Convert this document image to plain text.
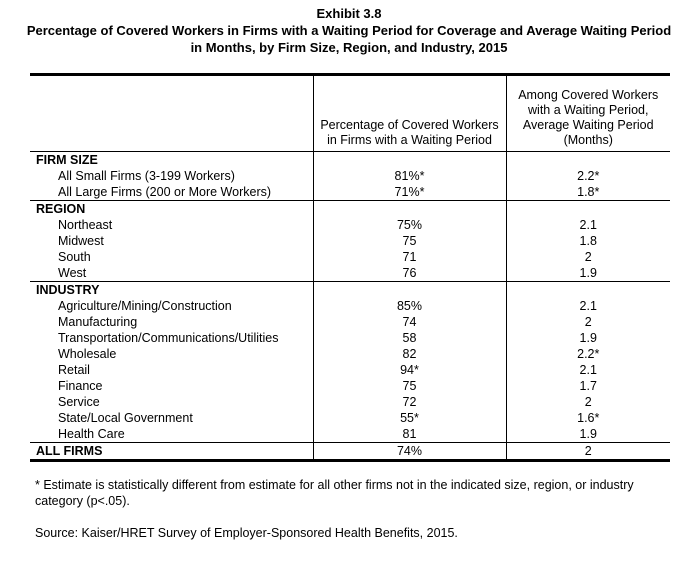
Exhibit 3.8
Percentage of Covered Workers in Firms with a Waiting Period for Coverage and Average Waiting Period in Months, by Firm Size, Region, and Industry, 2015

	Percentage of Covered Workers in Firms with a Waiting Period	Among Covered Workers with a Waiting Period, Average Waiting Period (Months)
FIRM SIZE		
All Small Firms (3-199 Workers)	81%*	2.2*
All Large Firms (200 or More Workers)	71%*	1.8*
REGION		
Northeast	75%	2.1
Midwest	75	1.8
South	71	2
West	76	1.9
INDUSTRY		
Agriculture/Mining/Construction	85%	2.1
Manufacturing	74	2
Transportation/Communications/Utilities	58	1.9
Wholesale	82	2.2*
Retail	94*	2.1
Finance	75	1.7
Service	72	2
State/Local Government	55*	1.6*
Health Care	81	1.9
ALL FIRMS	74%	2
* Estimate is statistically different from estimate for all other firms not in the indicated size, region, or industry category (p<.05).
Source: Kaiser/HRET Survey of Employer-Sponsored Health Benefits, 2015.
